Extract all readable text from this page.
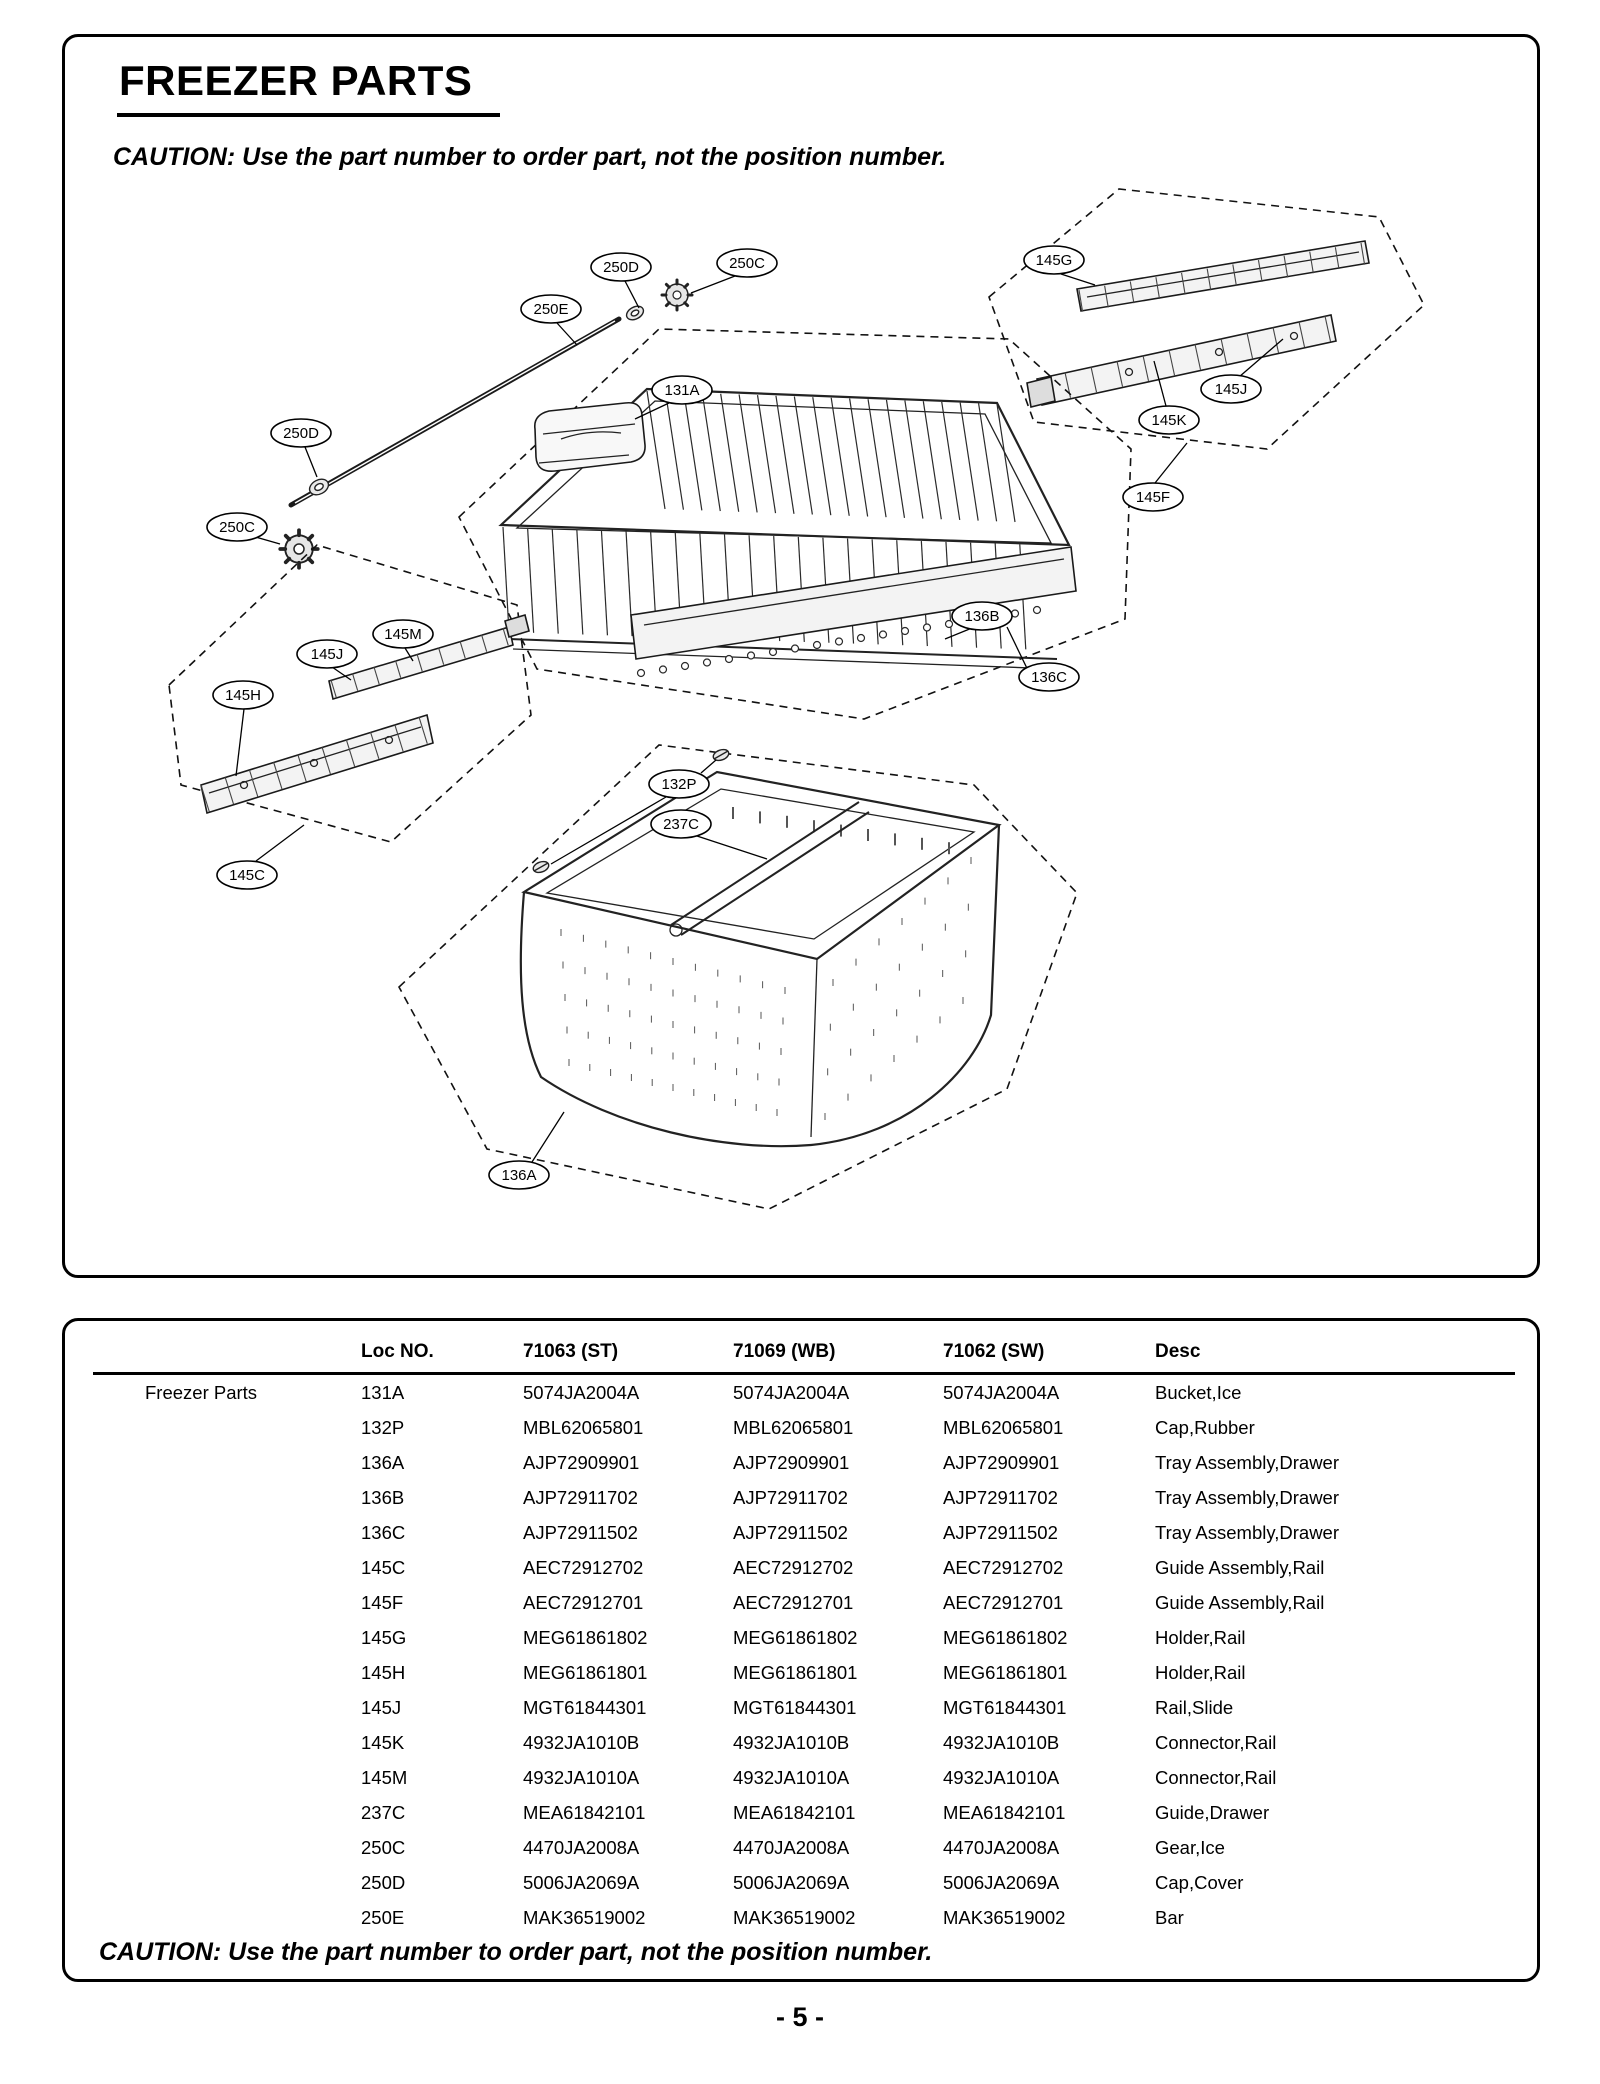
FREEZER PARTS
CAUTION: Use the part number to order part, not the position number.
250D	250C
250E
145G
131A	145J
145K
145F
250D
250C
145M
145J
145H
136B
136C
145C
132P
237C
136A
	Loc NO.	71063 (ST)	71069 (WB)	71062 (SW)	Desc
Freezer Parts	131A	5074JA2004A	5074JA2004A	5074JA2004A	Bucket,Ice
	132P	MBL62065801	MBL62065801	MBL62065801	Cap,Rubber
	136A	AJP72909901	AJP72909901	AJP72909901	Tray Assembly,Drawer
	136B	AJP72911702	AJP72911702	AJP72911702	Tray Assembly,Drawer
	136C	AJP72911502	AJP72911502	AJP72911502	Tray Assembly,Drawer
	145C	AEC72912702	AEC72912702	AEC72912702	Guide Assembly,Rail
	145F	AEC72912701	AEC72912701	AEC72912701	Guide Assembly,Rail
	145G	MEG61861802	MEG61861802	MEG61861802	Holder,Rail
	145H	MEG61861801	MEG61861801	MEG61861801	Holder,Rail
	145J	MGT61844301	MGT61844301	MGT61844301	Rail,Slide
	145K	4932JA1010B	4932JA1010B	4932JA1010B	Connector,Rail
	145M	4932JA1010A	4932JA1010A	4932JA1010A	Connector,Rail
	237C	MEA61842101	MEA61842101	MEA61842101	Guide,Drawer
	250C	4470JA2008A	4470JA2008A	4470JA2008A	Gear,Ice
	250D	5006JA2069A	5006JA2069A	5006JA2069A	Cap,Cover
	250E	MAK36519002	MAK36519002	MAK36519002	Bar
CAUTION: Use the part number to order part, not the position number.
- 5 -
